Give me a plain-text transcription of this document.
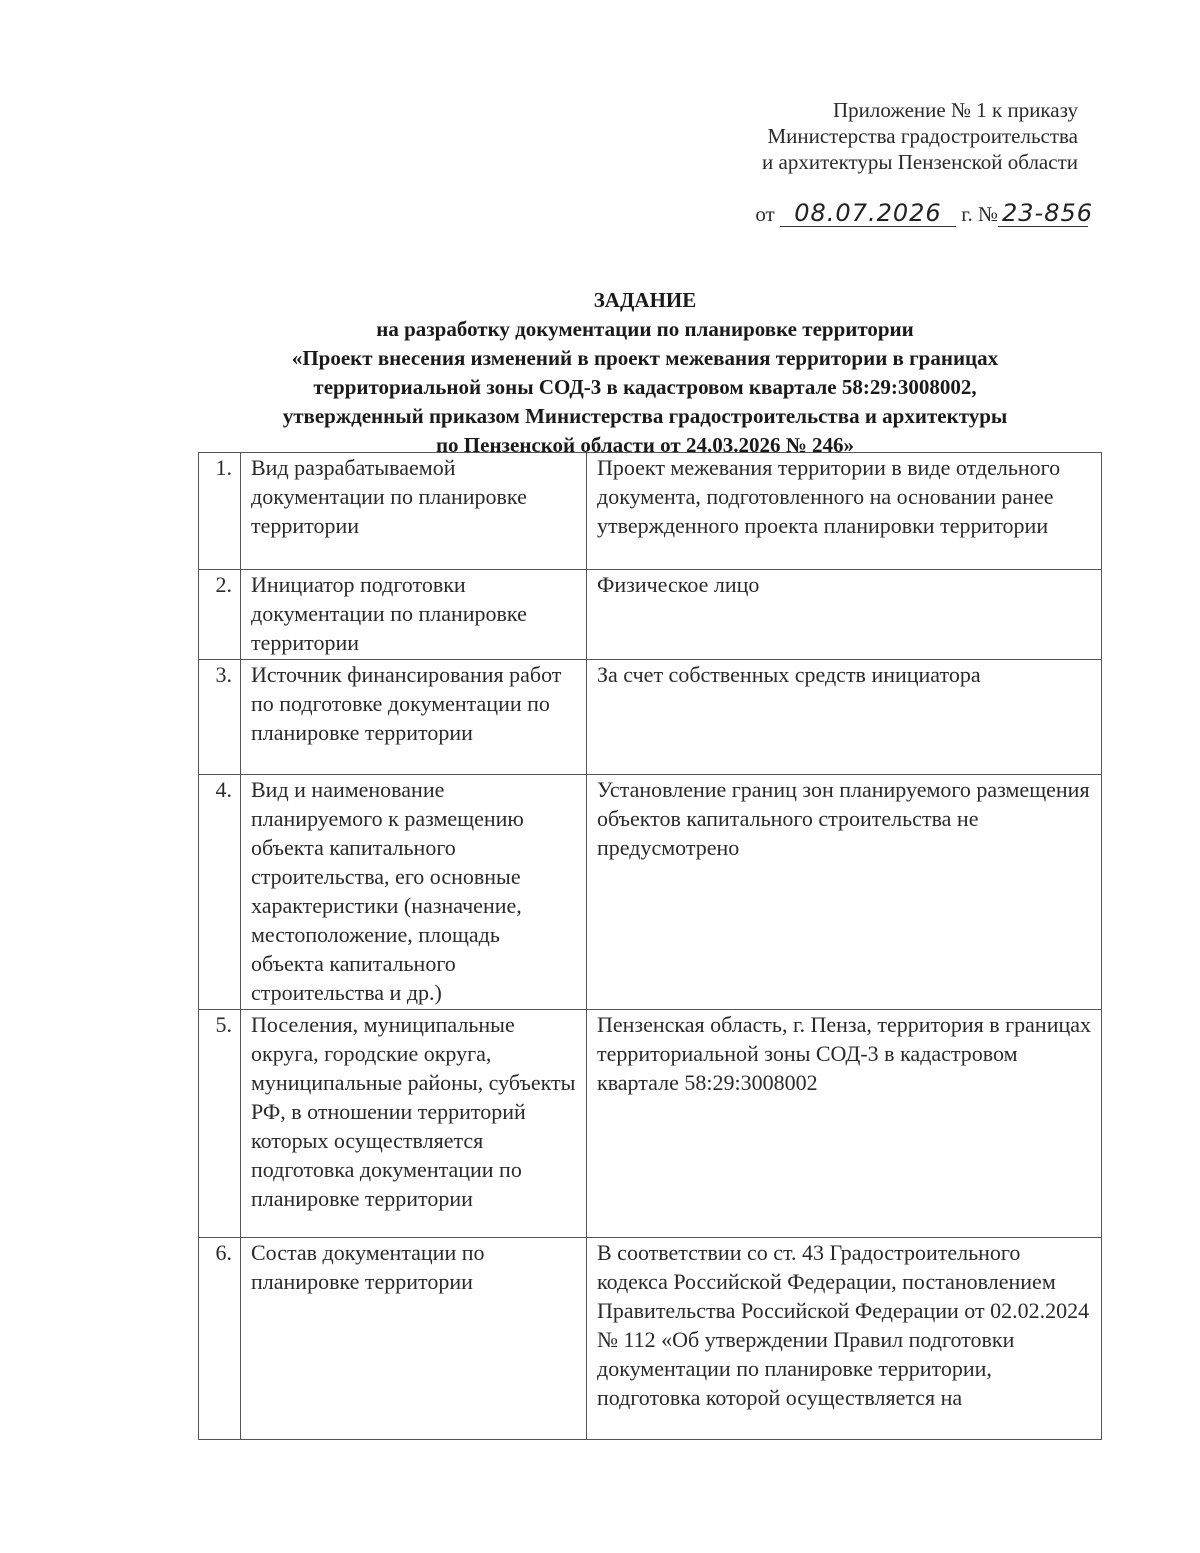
Приложение № 1 к приказу
Министерства градостроительства
и архитектуры Пензенской области
от 08.07.2026 г. № 23-856
ЗАДАНИЕ
на разработку документации по планировке территории
«Проект внесения изменений в проект межевания территории в границах
территориальной зоны СОД-3 в кадастровом квартале 58:29:3008002,
утвержденный приказом Министерства градостроительства и архитектуры
по Пензенской области от 24.03.2026 № 246»
1.	Вид разрабатываемой документации по планировке территории	Проект межевания территории в виде отдельного документа, подготовленного на основании ранее утвержденного проекта планировки территории
2.	Инициатор подготовки документации по планировке территории	Физическое лицо
3.	Источник финансирования работ по подготовке документации по планировке территории	За счет собственных средств инициатора
4.	Вид и наименование планируемого к размещению объекта капитального строительства, его основные характеристики (назначение, местоположение, площадь объекта капитального строительства и др.)	Установление границ зон планируемого размещения объектов капитального строительства не предусмотрено
5.	Поселения, муниципальные округа, городские округа, муниципальные районы, субъекты РФ, в отношении территорий которых осуществляется подготовка документации по планировке территории	Пензенская область, г. Пенза, территория в границах территориальной зоны СОД-3 в кадастровом квартале 58:29:3008002
6.	Состав документации по планировке территории	В соответствии со ст. 43 Градостроительного кодекса Российской Федерации, постановлением Правительства Российской Федерации от 02.02.2024 № 112 «Об утверждении Правил подготовки документации по планировке территории, подготовка которой осуществляется на
